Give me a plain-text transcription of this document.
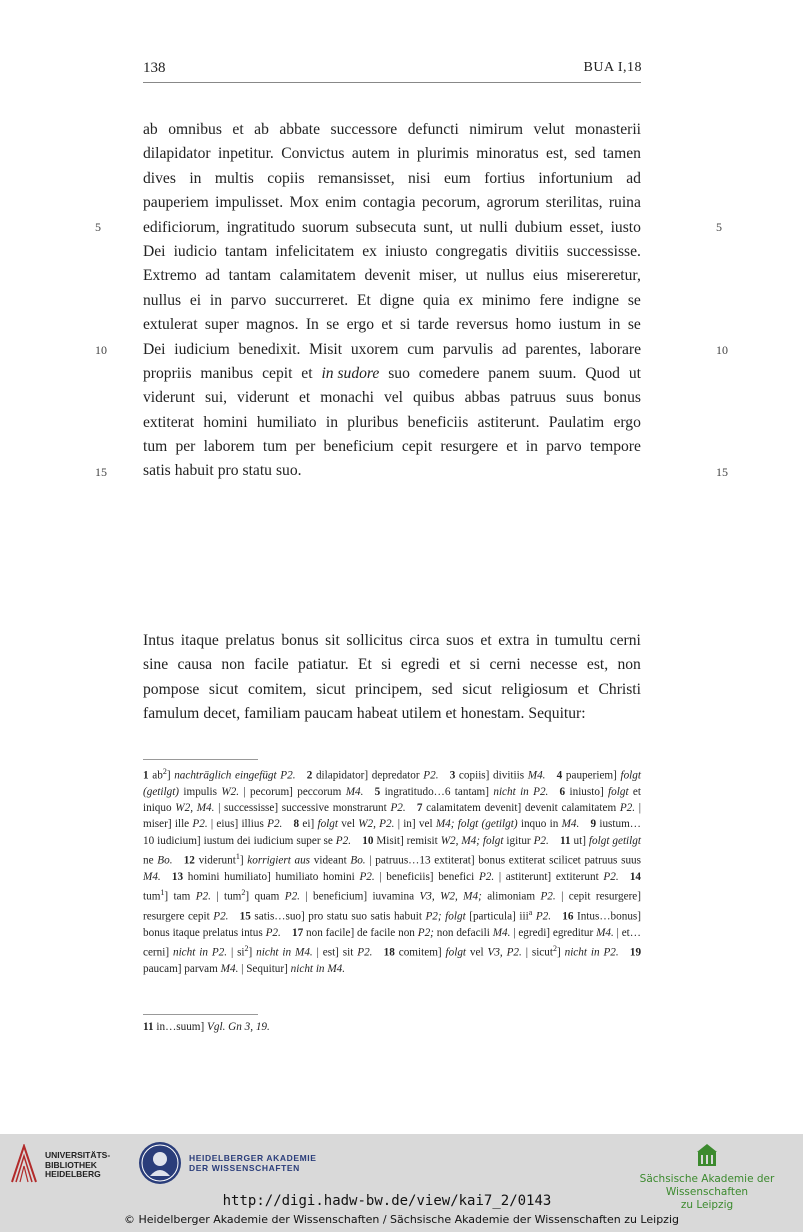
138	BUA I,18
ab omnibus et ab abbate successore defuncti nimirum velut monasterii
dilapidator inpetitur. Convictus autem in plurimis minoratus est, sed tamen
dives in multis copiis remansisset, nisi eum fortius infortunium ad
pauperiem impulisset. Mox enim contagia pecorum, agrorum sterilitas, ruina
edificiorum, ingratitudo suorum subsecuta sunt, ut nulli dubium esset, iusto
Dei iudicio tantam infelicitatem ex iniusto congregatis divitiis successisse.
Extremo ad tantam calamitatem devenit miser, ut nullus eius misereretur,
nullus ei in parvo succurreret. Et digne quia ex minimo fere indigne se
extulerat super magnos. In se ergo et si tarde reversus homo iustum in se
Dei iudicium benedixit. Misit uxorem cum parvulis ad parentes, laborare
propriis manibus cepit et in sudore suo comedere panem suum. Quod ut
viderunt sui, viderunt et monachi vel quibus abbas patruus suus bonus
extiterat homini humiliato in pluribus beneficiis astiterunt. Paulatim ergo
tum per laborem tum per beneficium cepit resurgere et in parvo tempore
satis habuit pro statu suo.
5	5
10	10
15	15
Intus itaque prelatus bonus sit sollicitus circa suos et extra in tumultu cerni
sine causa non facile patiatur. Et si egredi et si cerni necesse est, non
pompose sicut comitem, sicut principem, sed sicut religiosum et Christi
famulum decet, familiam paucam habeat utilem et honestam. Sequitur:
1 $ab^2$] nachträglich eingefügt P2.  2 dilapidator] depredator P2.  3 copiis] divitiis M4.  4 pauperiem] folgt (getilgt) impulis W2. | pecorum] peccorum M4.  5 ingratitudo…6 tantam] nicht in P2.  6 iniusto] folgt et iniquo W2, M4. | successisse] successive monstrarunt P2.  7 calamitatem devenit] devenit calamitatem P2. | miser] ille P2. | eius] illius P2.  8 ei] folgt vel W2, P2. | in] vel M4; folgt (getilgt) inquo in M4.  9 iustum…10 iudicium] iustum dei iudicium super se P2.  10 Misit] remisit W2, M4; folgt igitur P2.  11 ut] folgt getilgt ne Bo.  12 viderunt$^1$] korrigiert aus videant Bo. | patruus…13 extiterat] bonus extiterat scilicet patruus suus M4.  13 homini humiliato] humiliato homini P2. | beneficiis] benefici P2. | astiterunt] extiterunt P2.  14 tum$^1$] tam P2. | tum$^2$] quam P2. | beneficium] iuvamina V3, W2, M4; alimoniam P2. | cepit resurgere] resurgere cepit P2.  15 satis…suo] pro statu suo satis habuit P2; folgt [particula] iii$^a$ P2.  16 Intus…bonus] bonus itaque prelatus intus P2.  17 non facile] de facile non P2; non defacili M4. | egredi] egreditur M4. | et…cerni] nicht in P2. | $si^2$] nicht in M4. | est] sit P2.  18 comitem] folgt vel V3, P2. | sicut$^2$] nicht in P2.  19 paucam] parvam M4. | Sequitur] nicht in M4.
11 in…suum] Vgl. Gn 3, 19.
UNIVERSITÄTS-
BIBLIOTHEK
HEIDELBERG
HEIDELBERGER AKADEMIE
DER WISSENSCHAFTEN
Sächsische Akademie der Wissenschaften
zu Leipzig
http://digi.hadw-bw.de/view/kai7_2/0143
© Heidelberger Akademie der Wissenschaften / Sächsische Akademie der Wissenschaften zu Leipzig
